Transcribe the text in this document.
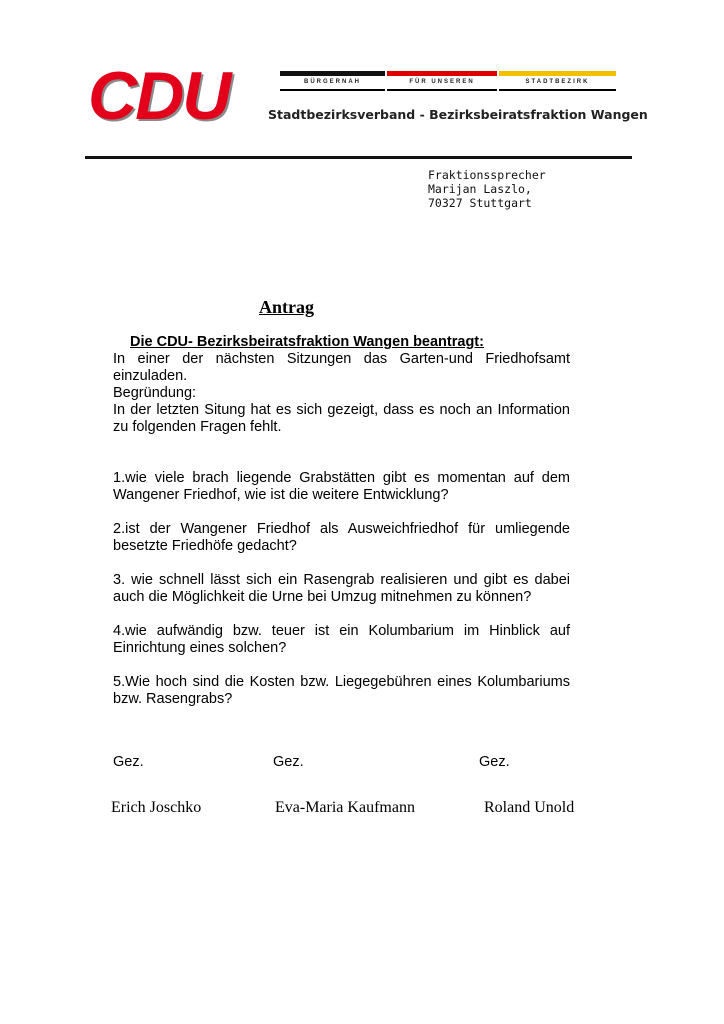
CDU	BÜRGERNAH	FÜR UNSEREN	STADTBEZIRK
Stadtbezirksverband - Bezirksbeiratsfraktion Wangen
Fraktionssprecher
Marijan Laszlo,
70327 Stuttgart
Antrag
Die CDU- Bezirksbeiratsfraktion Wangen beantragt:
In einer der nächsten Sitzungen das Garten-und Friedhofsamt einzuladen.
Begründung:
In der letzten Situng hat es sich gezeigt, dass es noch an Information zu folgenden Fragen fehlt.

1.wie viele brach liegende Grabstätten gibt es momentan auf dem Wangener Friedhof, wie ist die weitere Entwicklung?

2.ist der Wangener Friedhof als Ausweichfriedhof für umliegende besetzte Friedhöfe gedacht?

3. wie schnell lässt sich ein Rasengrab realisieren und gibt es dabei auch die Möglichkeit die Urne bei Umzug mitnehmen zu können?

4.wie aufwändig bzw. teuer ist ein Kolumbarium im Hinblick auf Einrichtung eines solchen?

5.Wie hoch sind die Kosten bzw. Liegegebühren eines Kolumbariums bzw. Rasengrabs?

Gez.	Gez.	Gez.
Erich Joschko	Eva-Maria Kaufmann	Roland Unold
